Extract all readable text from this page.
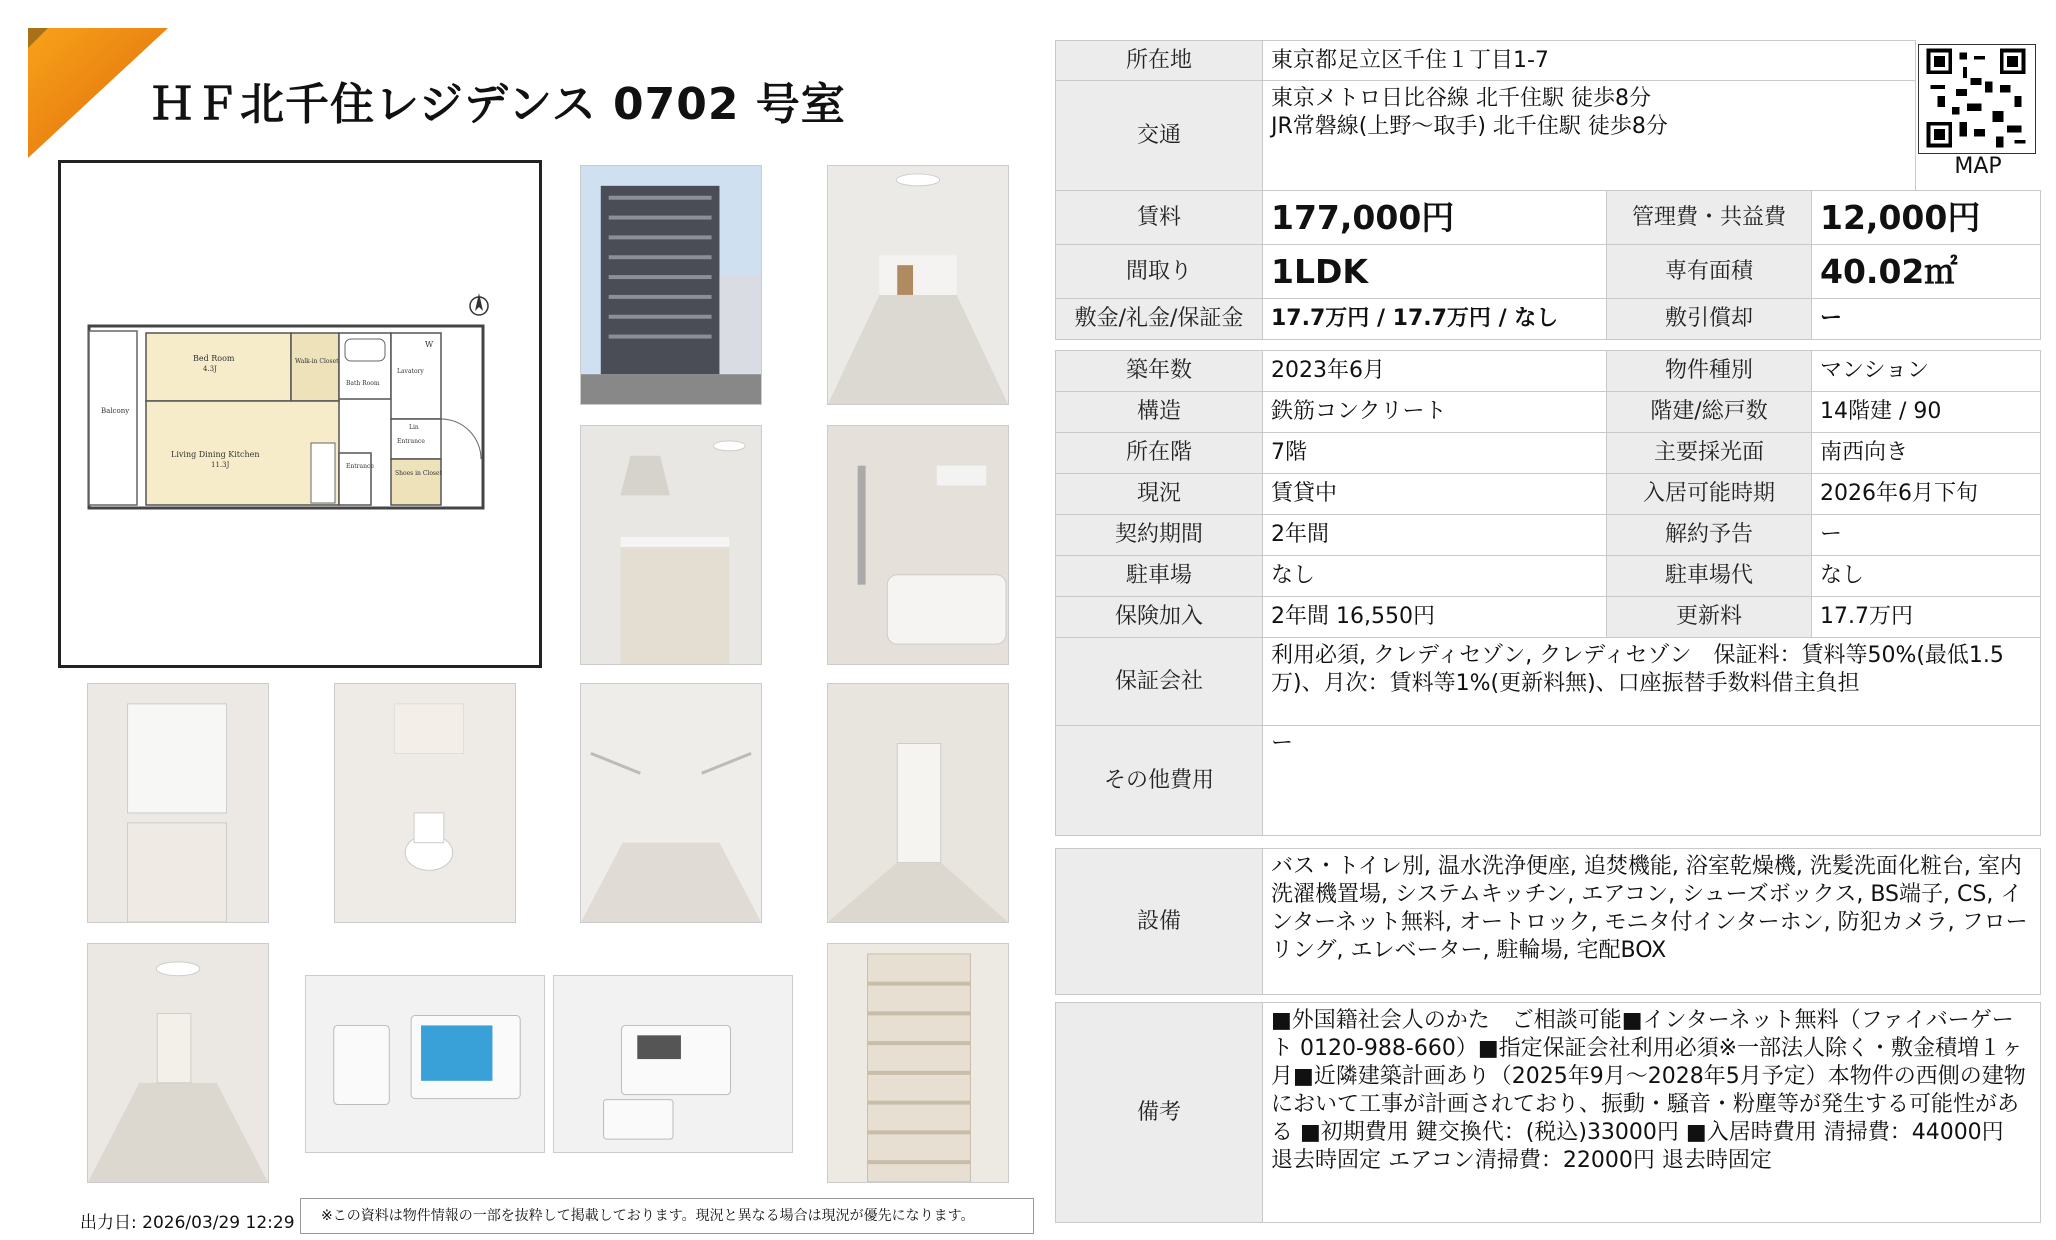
ＨＦ北千住レジデンス 0702 号室
Balcony
Bed Room
4.3J
Walk-in Closet
Bath Room
Lavatory
W
Living Dining Kitchen
11.3J	Entrance
Entrance
Lin
Shoes in Closet
出力日: 2026/03/29 12:29	※この資料は物件情報の一部を抜粋して掲載しております。現況と異なる場合は現況が優先になります。
所在地	東京都足立区千住１丁目1-7
交通	東京メトロ日比谷線 北千住駅 徒歩8分
JR常磐線(上野〜取手) 北千住駅 徒歩8分
MAP
賃料	177,000円	管理費・共益費	12,000円
間取り	1LDK	専有面積	40.02㎡
敷金/礼金/保証金	17.7万円 / 17.7万円 / なし	敷引償却	ー
築年数	2023年6月	物件種別	マンション
構造	鉄筋コンクリート	階建/総戸数	14階建 / 90
所在階	7階	主要採光面	南西向き
現況	賃貸中	入居可能時期	2026年6月下旬
契約期間	2年間	解約予告	ー
駐車場	なし	駐車場代	なし
保険加入	2年間 16,550円	更新料	17.7万円
保証会社	利用必須, クレディセゾン, クレディセゾン　保証料：賃料等50%(最低1.5万)、月次：賃料等1%(更新料無)、口座振替手数料借主負担		
その他費用	ー		
設備	バス・トイレ別, 温水洗浄便座, 追焚機能, 浴室乾燥機, 洗髪洗面化粧台, 室内洗濯機置場, システムキッチン, エアコン, シューズボックス, BS端子, CS, インターネット無料, オートロック, モニタ付インターホン, 防犯カメラ, フローリング, エレベーター, 駐輪場, 宅配BOX
備考	■外国籍社会人のかた　ご相談可能■インターネット無料（ファイバーゲート 0120-988-660）■指定保証会社利用必須※一部法人除く・敷金積増１ヶ月■近隣建築計画あり（2025年9月〜2028年5月予定）本物件の西側の建物において工事が計画されており、振動・騒音・粉塵等が発生する可能性がある ■初期費用 鍵交換代：(税込)33000円 ■入居時費用 清掃費：44000円 退去時固定 エアコン清掃費：22000円 退去時固定
